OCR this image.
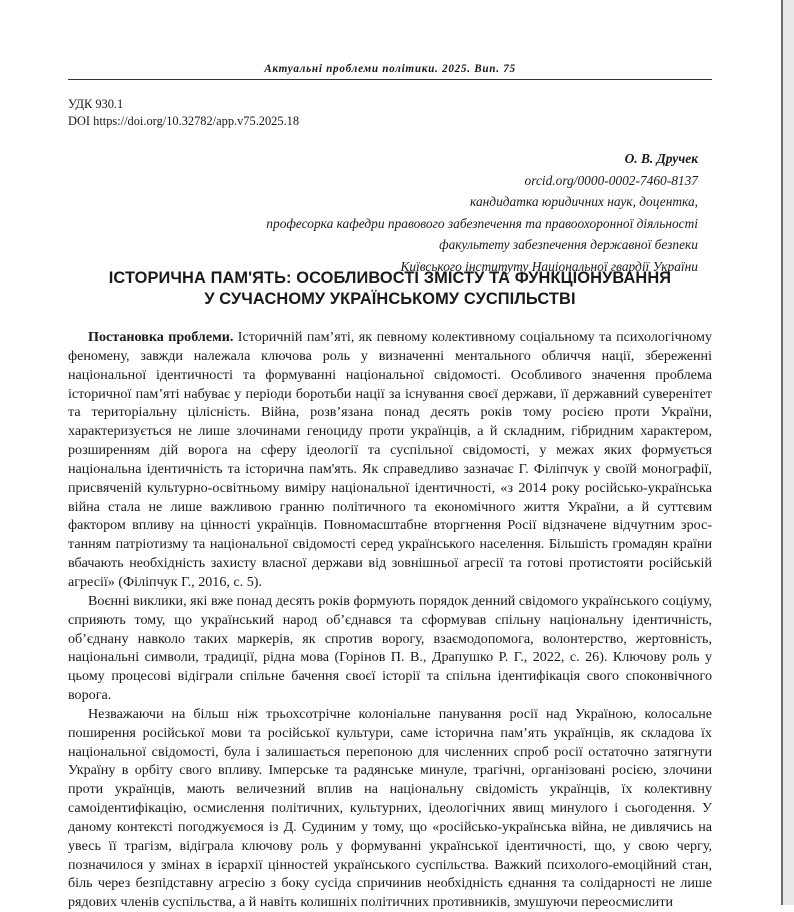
Актуальні проблеми політики. 2025. Вип. 75
УДК 930.1
DOI https://doi.org/10.32782/app.v75.2025.18
О. В. Дручек
orcid.org/0000-0002-7460-8137
кандидатка юридичних наук, доцентка,
професорка кафедри правового забезпечення та правоохоронної діяльності
факультету забезпечення державної безпеки
Київського інституту Національної гвардії України
ІСТОРИЧНА ПАМ'ЯТЬ: ОСОБЛИВОСТІ ЗМІСТУ ТА ФУНКЦІОНУВАННЯ
У СУЧАСНОМУ УКРАЇНСЬКОМУ СУСПІЛЬСТВІ

Постановка проблеми. Історичній пам’яті, як певному колективному соціальному та психологічному феномену, завжди належала ключова роль у визначенні ментального обличчя нації, збереженні національної ідентичності та формуванні національної свідомості. Особливого значення проблема історичної пам’яті набуває у періоди боротьби нації за існування своєї держави, її державний суверенітет та територіальну цілісність. Війна, розв’язана понад десять років тому росією проти України, характеризується не лише злочинами геноциду проти українців, а й складним, гібридним характером, розширенням дій ворога на сферу ідеології та суспільної свідомості, у межах яких формується національна ідентичність та історична пам'ять. Як справедливо зазначає Г. Філіпчук у своїй монографії, присвяченій культурно-освітньому виміру національної ідентичності, «з 2014 року російсько-українська війна стала не лише важливою гранню політичного та економічного життя України, а й суттєвим фактором впливу на цінності українців. Повномасштабне вторгнення Росії відзначене відчутним зростанням патріотизму та національної свідомості серед українського населення. Більшість громадян країни вбачають необхідність захисту власної держави від зовнішньої агресії та готові протистояти російській агресії» (Філіпчук Г., 2016, с. 5).

Воєнні виклики, які вже понад десять років формують порядок денний свідомого українського соціуму, сприяють тому, що український народ об’єднався та сформував спільну національну ідентичність, об’єднану навколо таких маркерів, як спротив ворогу, взаємодопомога, волонтерство, жертовність, національні символи, традиції, рідна мова (Горінов П. В., Драпушко Р. Г., 2022, с. 26). Ключову роль у цьому процесові відіграли спільне бачення своєї історії та спільна ідентифікація свого споконвічного ворога.

Незважаючи на більш ніж трьохсотрічне колоніальне панування росії над Україною, колосальне поширення російської мови та російської культури, саме історична пам’ять українців, як складова їх національної свідомості, була і залишається перепоною для численних спроб росії остаточно затягнути Україну в орбіту свого впливу. Імперське та радянське минуле, трагічні, організовані росією, злочини проти українців, мають величезний вплив на національну свідомість українців, їх колективну самоідентифікацію, осмислення політичних, культурних, ідеологічних явищ минулого і сьогодення. У даному контексті погоджуємося із Д. Судиним у тому, що «російсько-українська війна, не дивлячись на увесь її трагізм, відіграла ключову роль у формуванні української ідентичності, що, у свою чергу, позначилося у змінах в ієрархії цінностей українського суспільства. Важкий психолого-емоційний стан, біль через безпідставну агресію з боку сусіда спричинив необхідність єднання та солідарності не лише рядових членів суспільства, а й навіть колишніх політичних противників, змушуючи переосмислити
